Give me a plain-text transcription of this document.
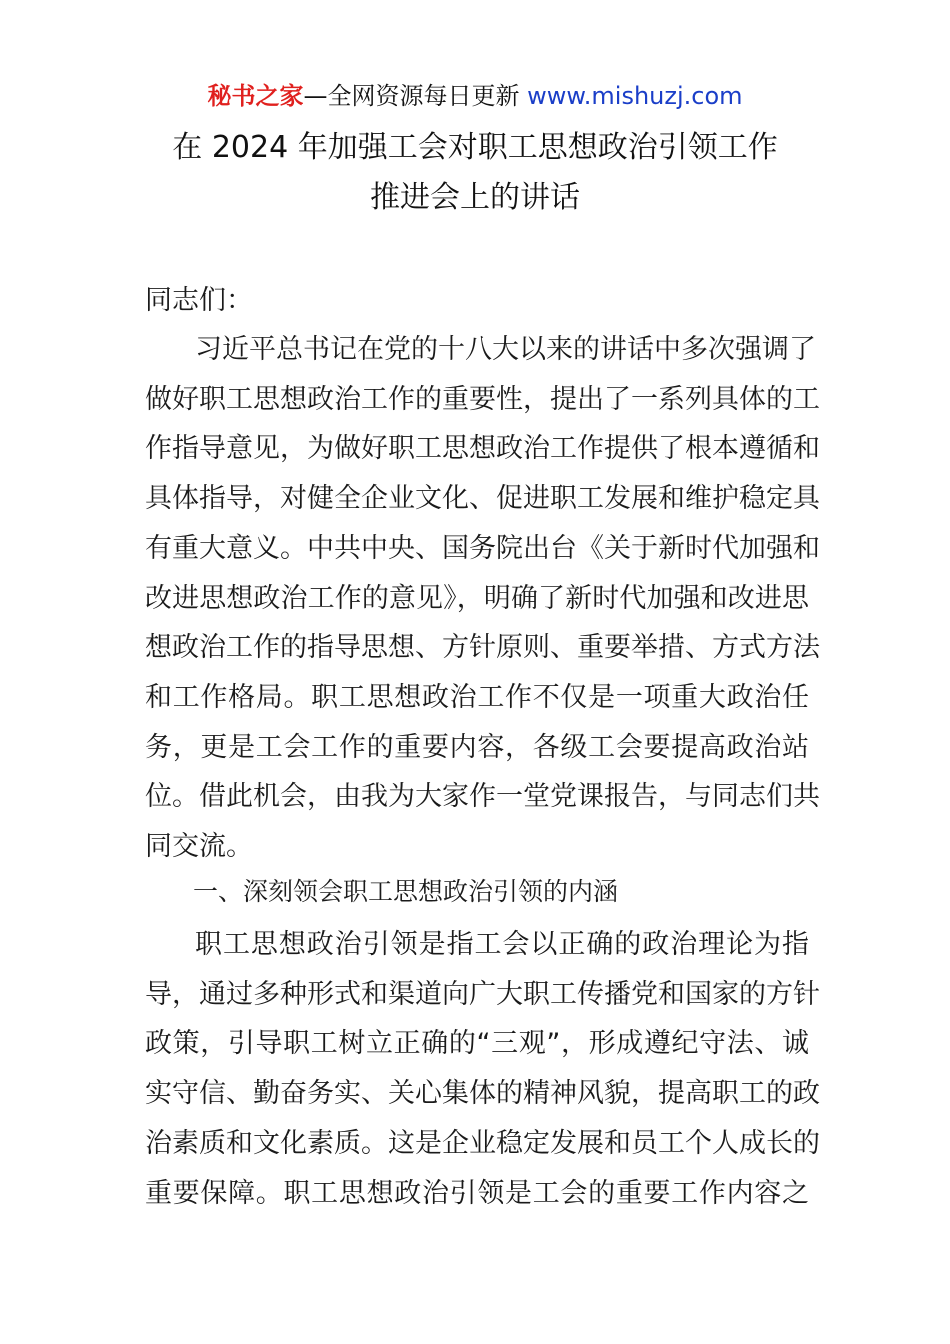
秘书之家—全网资源每日更新 www.mishuzj.com
在 2024 年加强工会对职工思想政治引领工作
推进会上的讲话
同志们：
习近平总书记在党的十八大以来的讲话中多次强调了
做好职工思想政治工作的重要性，提出了一系列具体的工
作指导意见，为做好职工思想政治工作提供了根本遵循和
具体指导，对健全企业文化、促进职工发展和维护稳定具
有重大意义。中共中央、国务院出台《关于新时代加强和
改进思想政治工作的意见》，明确了新时代加强和改进思
想政治工作的指导思想、方针原则、重要举措、方式方法
和工作格局。职工思想政治工作不仅是一项重大政治任
务，更是工会工作的重要内容，各级工会要提高政治站
位。借此机会，由我为大家作一堂党课报告，与同志们共
同交流。
一、深刻领会职工思想政治引领的内涵
职工思想政治引领是指工会以正确的政治理论为指
导，通过多种形式和渠道向广大职工传播党和国家的方针
政策，引导职工树立正确的“三观”，形成遵纪守法、诚
实守信、勤奋务实、关心集体的精神风貌，提高职工的政
治素质和文化素质。这是企业稳定发展和员工个人成长的
重要保障。职工思想政治引领是工会的重要工作内容之
